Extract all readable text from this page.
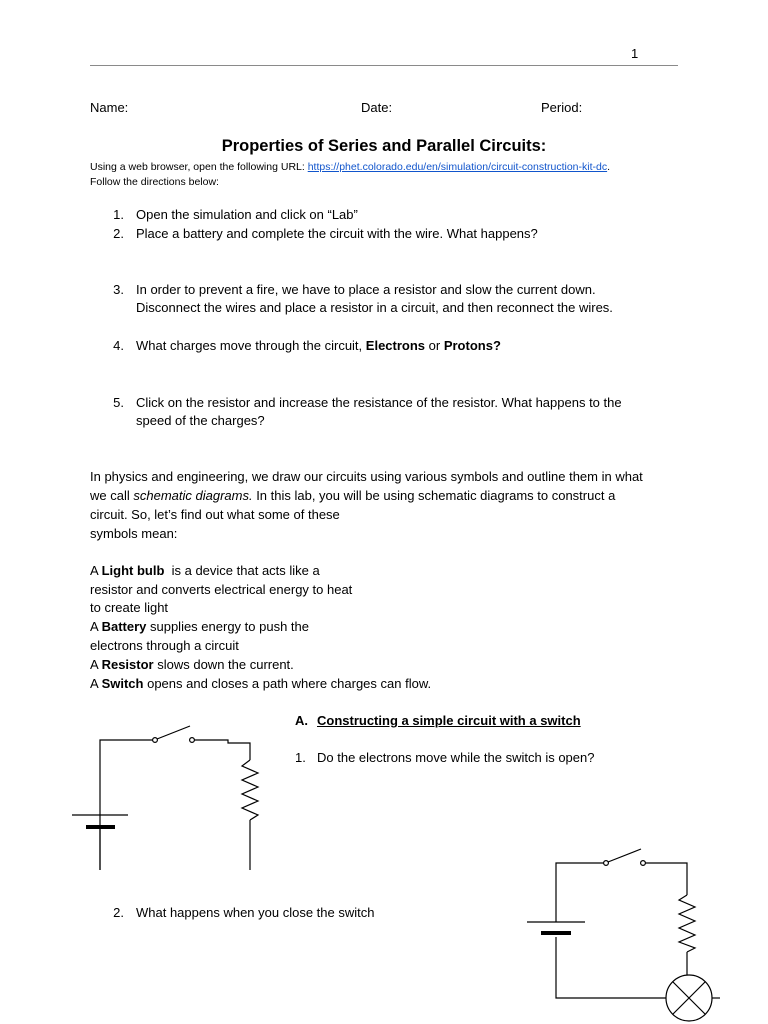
1
Name:	Date:	Period:
Properties of Series and Parallel Circuits:
Using a web browser, open the following URL: https://phet.colorado.edu/en/simulation/circuit-construction-kit-dc.
Follow the directions below:
1. Open the simulation and click on “Lab”
2. Place a battery and complete the circuit with the wire. What happens?
3. In order to prevent a fire, we have to place a resistor and slow the current down.
Disconnect the wires and place a resistor in a circuit, and then reconnect the wires.
4. What charges move through the circuit, Electrons or Protons?
5. Click on the resistor and increase the resistance of the resistor. What happens to the
speed of the charges?
In physics and engineering, we draw our circuits using various symbols and outline them in what
we call schematic diagrams. In this lab, you will be using schematic diagrams to construct a
circuit. So, let’s find out what some of these
symbols mean:
A Light bulb  is a device that acts like a
resistor and converts electrical energy to heat
to create light
A Battery supplies energy to push the
electrons through a circuit
A Resistor slows down the current.
A Switch opens and closes a path where charges can flow.
A. Constructing a simple circuit with a switch
1. Do the electrons move while the switch is open?
2. What happens when you close the switch
